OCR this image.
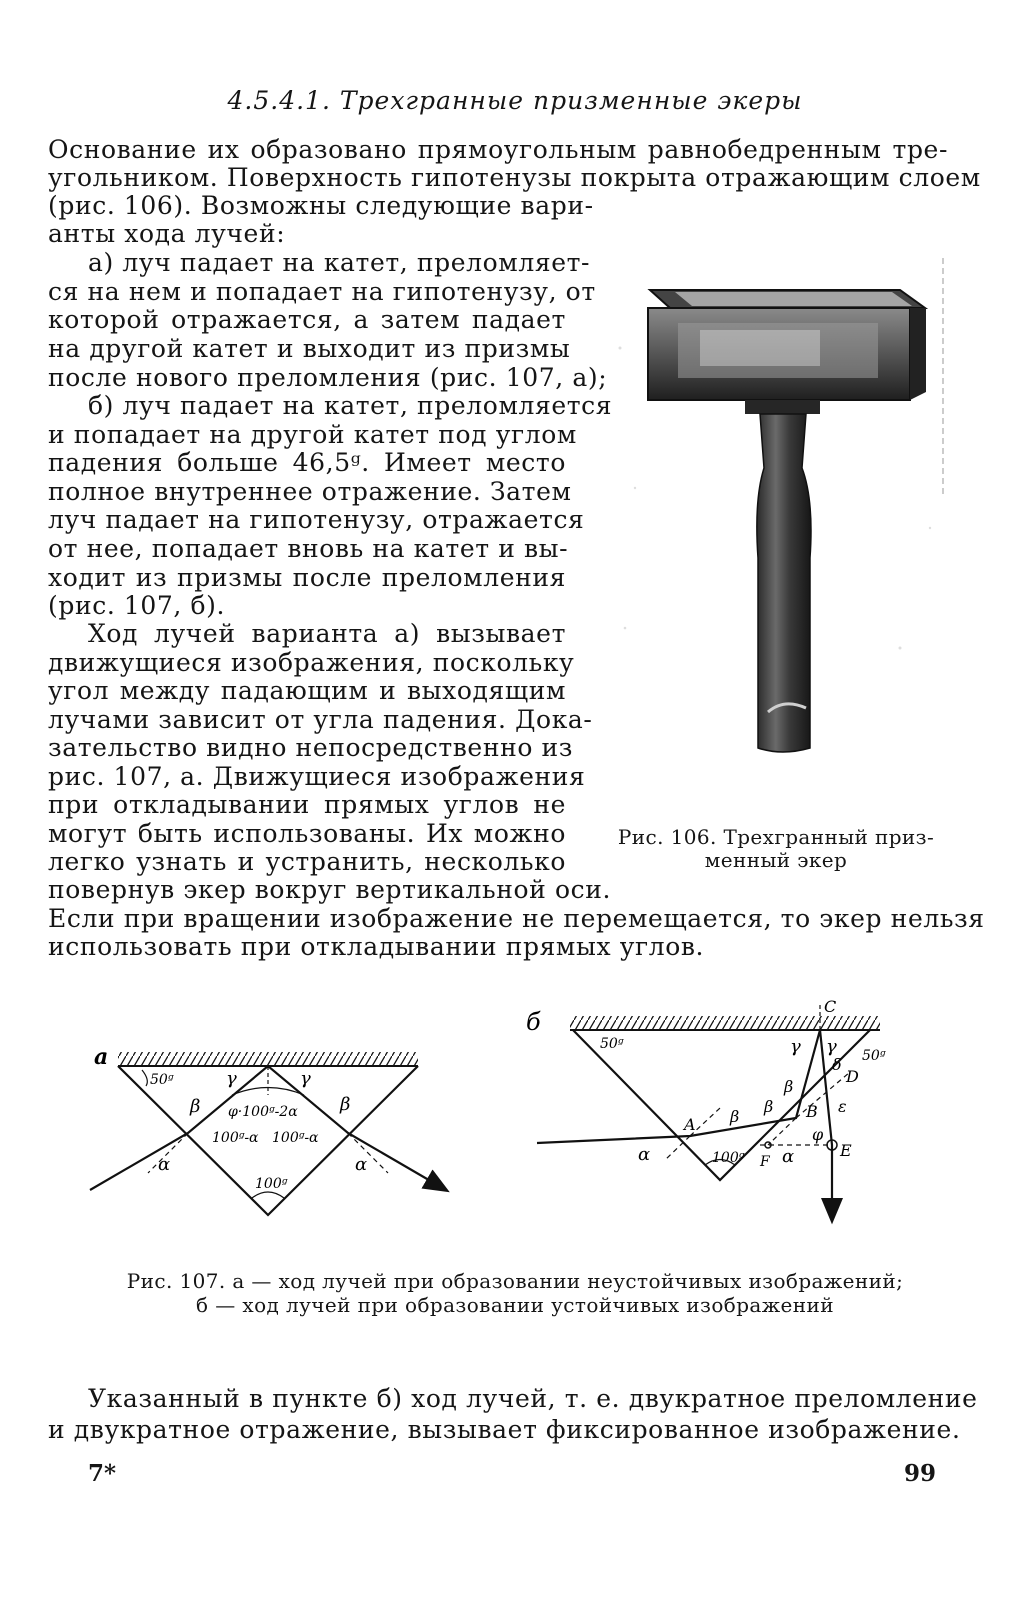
4.5.4.1. Трехгранные призменные экеры
Основание их образовано прямоугольным равнобедренным тре-
угольником. Поверхность гипотенузы покрыта отражающим слоем
(рис. 106). Возможны следующие вари-
анты хода лучей:
а) луч падает на катет, преломляет-
ся на нем и попадает на гипотенузу, от
которой отражается, а затем падает
на другой катет и выходит из призмы
после нового преломления (рис. 107, а);
б) луч падает на катет, преломляется
и попадает на другой катет под углом
падения больше 46,5ᵍ. Имеет место
полное внутреннее отражение. Затем
луч падает на гипотенузу, отражается
от нее, попадает вновь на катет и вы-
ходит из призмы после преломления
(рис. 107, б).
Ход лучей варианта а) вызывает
движущиеся изображения, поскольку
угол между падающим и выходящим
лучами зависит от угла падения. Дока-
зательство видно непосредственно из
рис. 107, а. Движущиеся изображения
при откладывании прямых углов не
могут быть использованы. Их можно
легко узнать и устранить, несколько
повернув экер вокруг вертикальной оси.
Если при вращении изображение не перемещается, то экер нельзя
использовать при откладывании прямых углов.
Рис. 106. Трехгранный приз-
менный экер
а
50ᵍ	γ	γ
β	β
φ·100ᵍ-2α
100ᵍ-α 100ᵍ-α
100ᵍ
α	α
б
50ᵍ
50ᵍ
C
D
A
B
E
F
γ γ
δ
β
β
β	ε
φ
α	α
100ᵍ
Рис. 107. а — ход лучей при образовании неустойчивых изображений;
б — ход лучей при образовании устойчивых изображений
Указанный в пункте б) ход лучей, т. е. двукратное преломление
и двукратное отражение, вызывает фиксированное изображение.
7*	99
